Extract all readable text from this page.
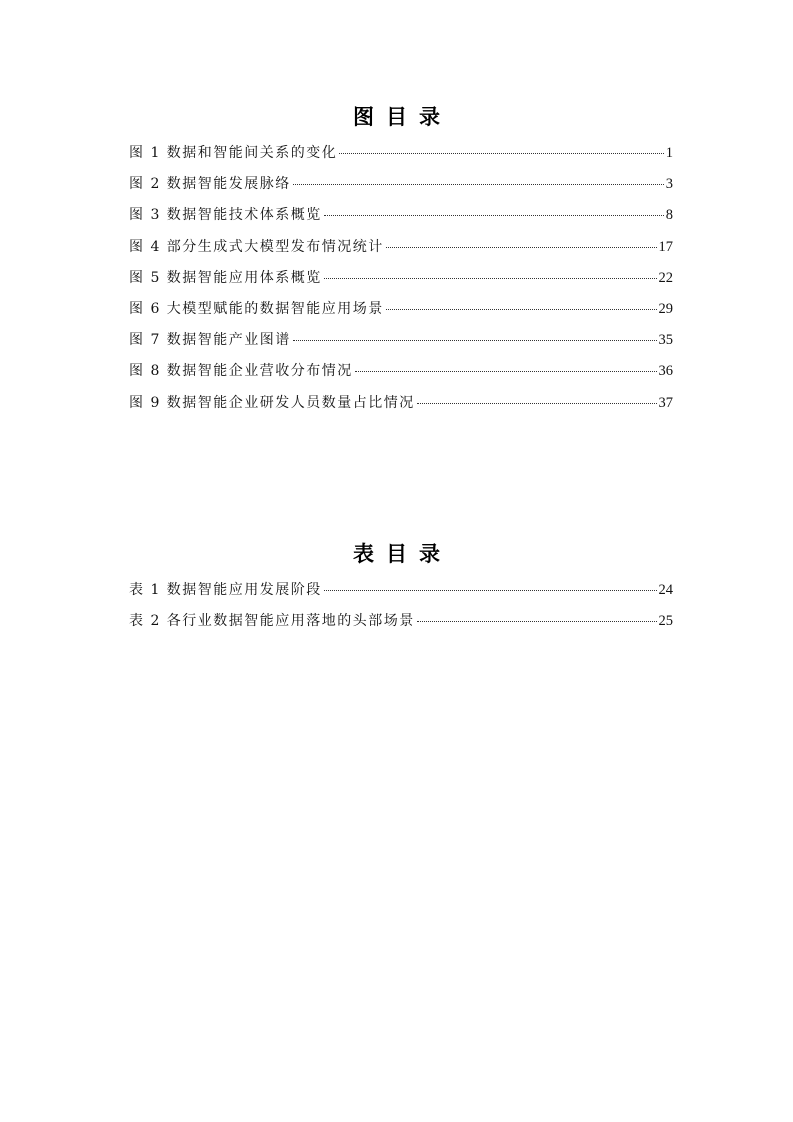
图目录
图 1 数据和智能间关系的变化	1
图 2 数据智能发展脉络	3
图 3 数据智能技术体系概览	8
图 4 部分生成式大模型发布情况统计	17
图 5 数据智能应用体系概览	22
图 6 大模型赋能的数据智能应用场景	29
图 7 数据智能产业图谱	35
图 8 数据智能企业营收分布情况	36
图 9 数据智能企业研发人员数量占比情况	37
表目录
表 1 数据智能应用发展阶段	24
表 2 各行业数据智能应用落地的头部场景	25
